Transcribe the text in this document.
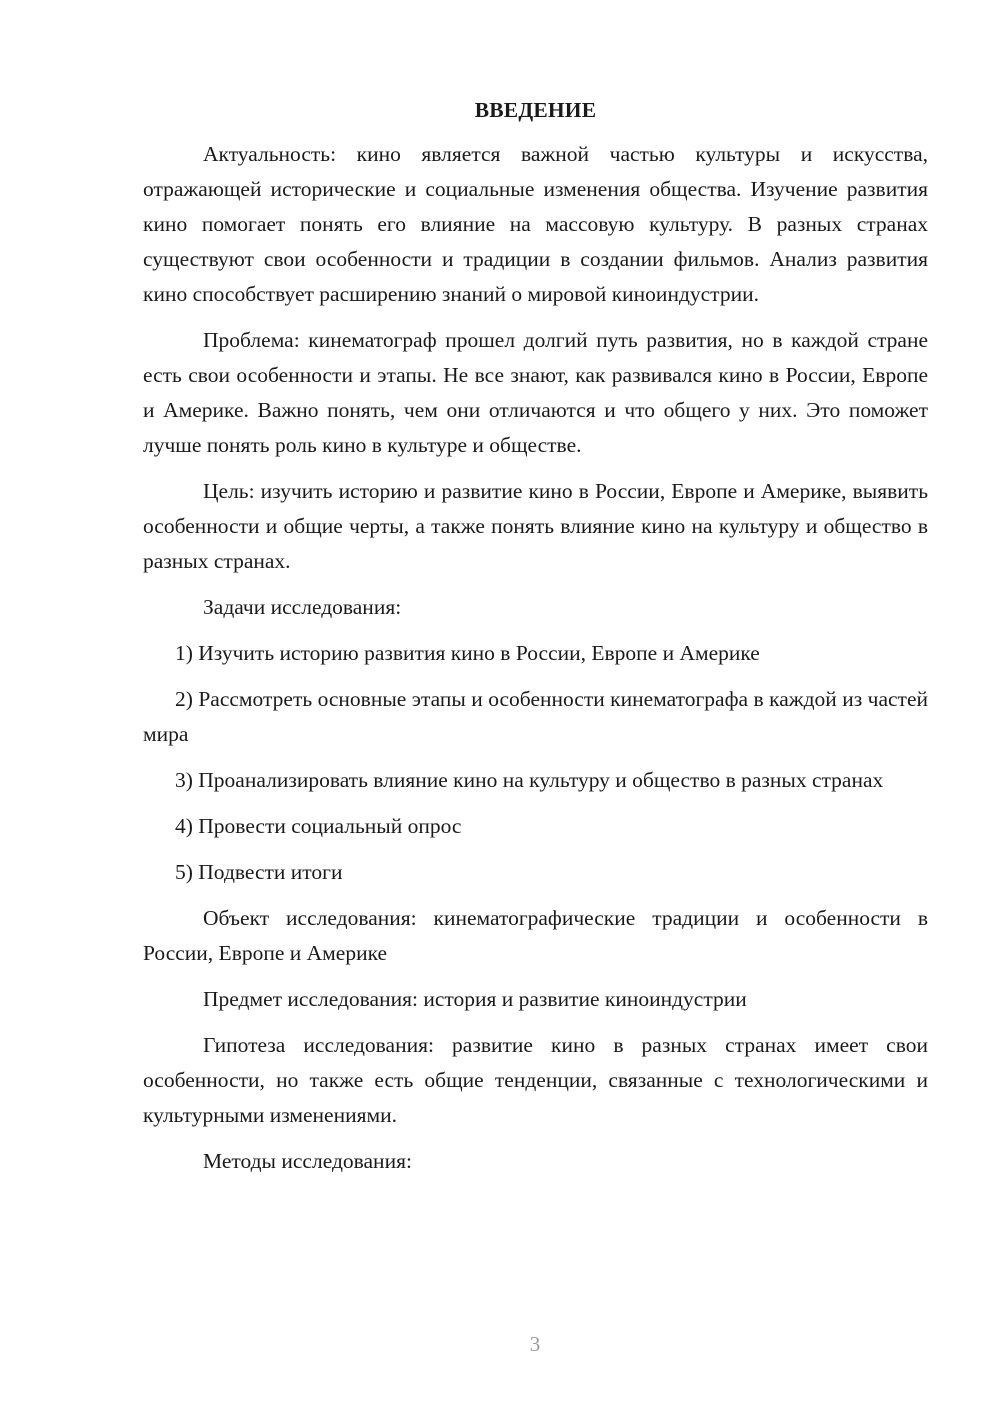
ВВЕДЕНИЕ

Актуальность: кино является важной частью культуры и искусства, отражающей исторические и социальные изменения общества. Изучение развития кино помогает понять его влияние на массовую культуру. В разных странах существуют свои особенности и традиции в создании фильмов. Анализ развития кино способствует расширению знаний о мировой киноиндустрии.

Проблема: кинематограф прошел долгий путь развития, но в каждой стране есть свои особенности и этапы. Не все знают, как развивался кино в России, Европе и Америке. Важно понять, чем они отличаются и что общего у них. Это поможет лучше понять роль кино в культуре и обществе.

Цель: изучить историю и развитие кино в России, Европе и Америке, выявить особенности и общие черты, а также понять влияние кино на культуру и общество в разных странах.

Задачи исследования:

1) Изучить историю развития кино в России, Европе и Америке

2) Рассмотреть основные этапы и особенности кинематографа в каждой из частей мира

3) Проанализировать влияние кино на культуру и общество в разных странах

4) Провести социальный опрос

5) Подвести итоги

Объект исследования: кинематографические традиции и особенности в России, Европе и Америке

Предмет исследования: история и развитие киноиндустрии

Гипотеза исследования: развитие кино в разных странах имеет свои особенности, но также есть общие тенденции, связанные с технологическими и культурными изменениями.

Методы исследования:

3
